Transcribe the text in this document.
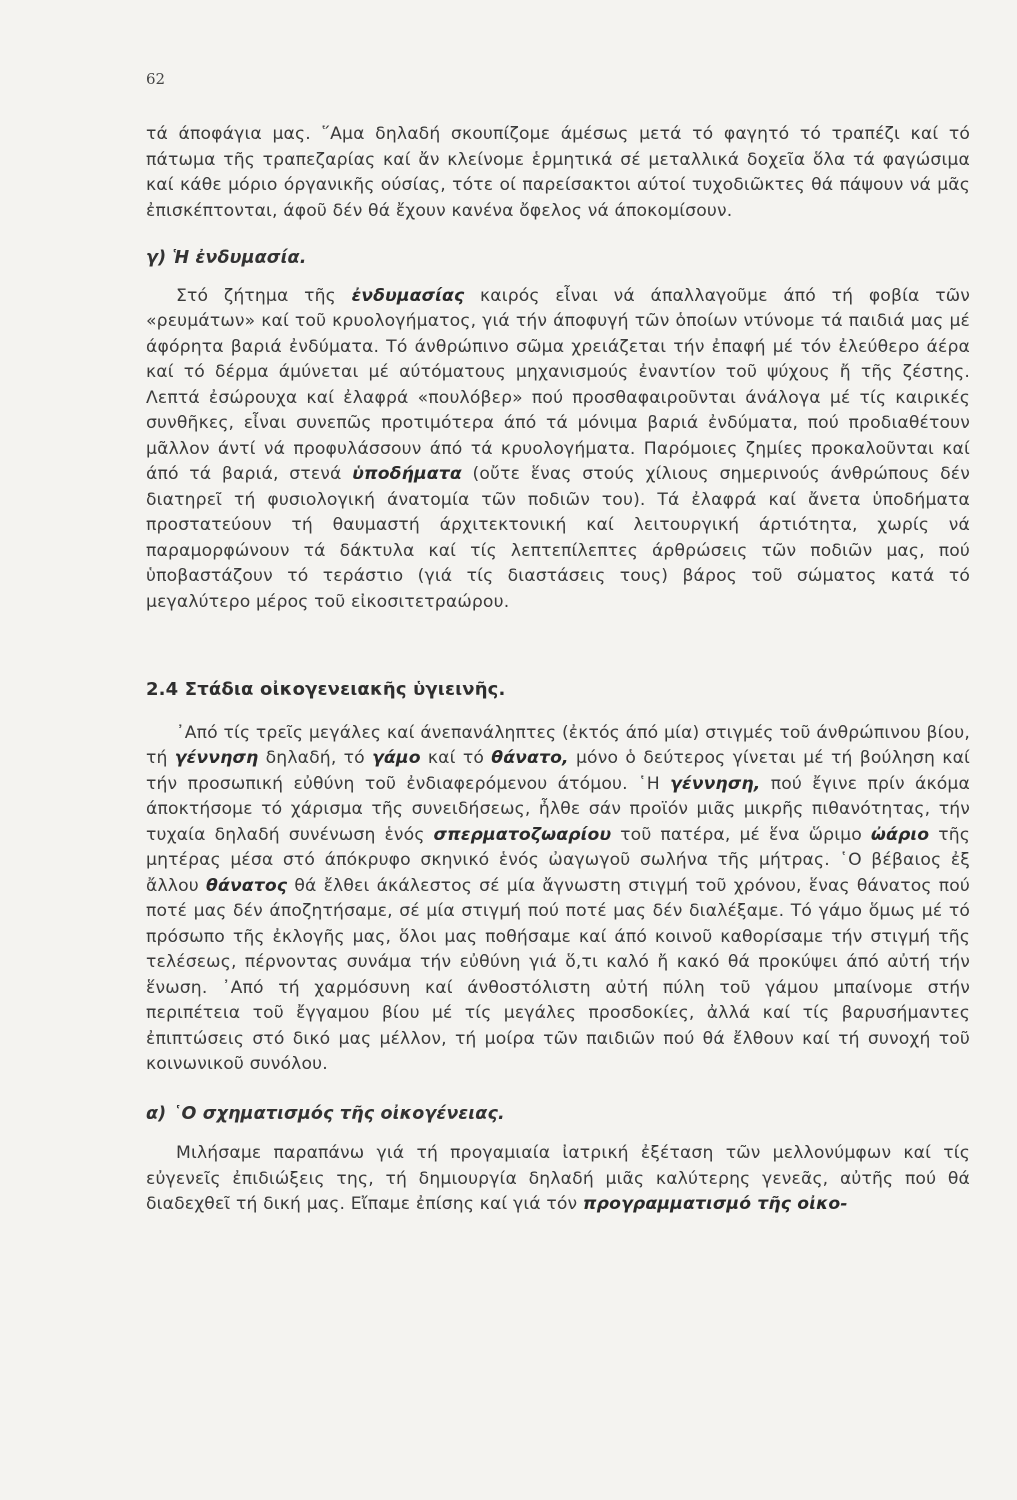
62

τά άποφάγια μας. ῞Αμα δηλαδή σκουπίζομε άμέσως μετά τό φαγητό τό τραπέζι καί τό πάτωμα τῆς τραπεζαρίας καί ἄν κλείνομε ἑρμητικά σέ μεταλλικά δοχεῖα ὅλα τά φαγώσιμα καί κάθε μόριο όργανικῆς ούσίας, τότε οί παρείσακτοι αύτοί τυχοδιῶκτες θά πάψουν νά μᾶς ἐπισκέπτονται, άφοῦ δέν θά ἔχουν κανένα ὄφελος νά άποκομίσουν.

γ) Ἡ ἐνδυμασία.

Στό ζήτημα τῆς ἐνδυμασίας καιρός εἶναι νά άπαλλαγοῦμε άπό τή φοβία τῶν «ρευμάτων» καί τοῦ κρυολογήματος, γιά τήν άποφυγή τῶν ὁποίων ντύνομε τά παιδιά μας μέ άφόρητα βαριά ἐνδύματα. Τό άνθρώπινο σῶμα χρειάζεται τήν ἐπαφή μέ τόν ἐλεύθερο άέρα καί τό δέρμα άμύνεται μέ αύτόματους μηχανισμούς ἐναντίον τοῦ ψύχους ἤ τῆς ζέστης. Λεπτά ἐσώρουχα καί ἐλαφρά «πουλόβερ» πού προσθαφαιροῦνται άνάλογα μέ τίς καιρικές συνθῆκες, εἶναι συνεπῶς προτιμότερα άπό τά μόνιμα βαριά ἐνδύματα, πού προδιαθέτουν μᾶλλον άντί νά προφυλάσσουν άπό τά κρυολογήματα. Παρόμοιες ζημίες προκαλοῦνται καί άπό τά βαριά, στενά ὑποδήματα (οὔτε ἕνας στούς χίλιους σημερινούς άνθρώπους δέν διατηρεῖ τή φυσιολογική άνατομία τῶν ποδιῶν του). Τά ἐλαφρά καί ἄνετα ὑποδήματα προστατεύουν τή θαυμαστή άρχιτεκτονική καί λειτουργική άρτιότητα, χωρίς νά παραμορφώνουν τά δάκτυλα καί τίς λεπτεπίλεπτες άρθρώσεις τῶν ποδιῶν μας, πού ὑποβαστάζουν τό τεράστιο (γιά τίς διαστάσεις τους) βάρος τοῦ σώματος κατά τό μεγαλύτερο μέρος τοῦ εἰκοσιτετραώρου.

2.4 Στάδια οἰκογενειακῆς ὑγιεινῆς.

᾿Από τίς τρεῖς μεγάλες καί άνεπανάληπτες (ἐκτός άπό μία) στιγμές τοῦ άνθρώπινου βίου, τή γέννηση δηλαδή, τό γάμο καί τό θάνατο, μόνο ὁ δεύτερος γίνεται μέ τή βούληση καί τήν προσωπική εὐθύνη τοῦ ἐνδιαφερόμενου άτόμου. ῾Η γέννηση, πού ἔγινε πρίν άκόμα άποκτήσομε τό χάρισμα τῆς συνειδήσεως, ἦλθε σάν προϊόν μιᾶς μικρῆς πιθανότητας, τήν τυχαία δηλαδή συνένωση ἑνός σπερματοζωαρίου τοῦ πατέρα, μέ ἕνα ὥριμο ὠάριο τῆς μητέρας μέσα στό άπόκρυφο σκηνικό ἑνός ὠαγωγοῦ σωλήνα τῆς μήτρας. ῾Ο βέβαιος ἐξ ἄλλου θάνατος θά ἔλθει άκάλεστος σέ μία ἄγνωστη στιγμή τοῦ χρόνου, ἕνας θάνατος πού ποτέ μας δέν άποζητήσαμε, σέ μία στιγμή πού ποτέ μας δέν διαλέξαμε. Τό γάμο ὅμως μέ τό πρόσωπο τῆς ἐκλογῆς μας, ὅλοι μας ποθήσαμε καί άπό κοινοῦ καθορίσαμε τήν στιγμή τῆς τελέσεως, πέρνοντας συνάμα τήν εὐθύνη γιά ὅ,τι καλό ἤ κακό θά προκύψει άπό αὐτή τήν ἕνωση. ᾿Από τή χαρμόσυνη καί άνθοστόλιστη αὐτή πύλη τοῦ γάμου μπαίνομε στήν περιπέτεια τοῦ ἔγγαμου βίου μέ τίς μεγάλες προσδοκίες, ἀλλά καί τίς βαρυσήμαντες ἐπιπτώσεις στό δικό μας μέλλον, τή μοίρα τῶν παιδιῶν πού θά ἔλθουν καί τή συνοχή τοῦ κοινωνικοῦ συνόλου.

α) ῾Ο σχηματισμός τῆς οἰκογένειας.

Μιλήσαμε παραπάνω γιά τή προγαμιαία ἰατρική ἐξέταση τῶν μελλονύμφων καί τίς εὐγενεῖς ἐπιδιώξεις της, τή δημιουργία δηλαδή μιᾶς καλύτερης γενεᾶς, αὐτῆς πού θά διαδεχθεῖ τή δική μας. Εἴπαμε ἐπίσης καί γιά τόν προγραμματισμό τῆς οἰκο-
